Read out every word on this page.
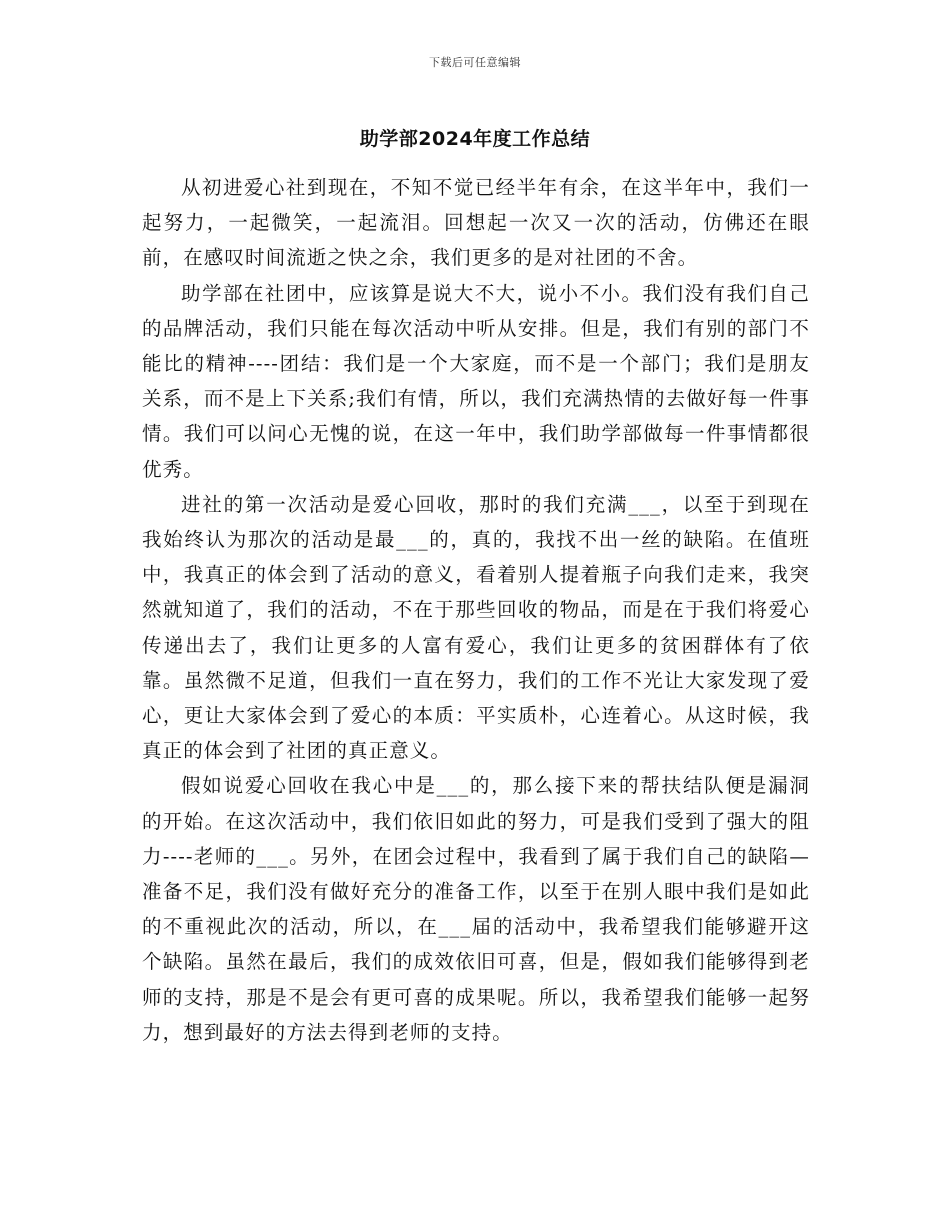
下载后可任意编辑
助学部2024年度工作总结

从初进爱心社到现在，不知不觉已经半年有余，在这半年中，我们一起努力，一起微笑，一起流泪。回想起一次又一次的活动，仿佛还在眼前，在感叹时间流逝之快之余，我们更多的是对社团的不舍。

助学部在社团中，应该算是说大不大，说小不小。我们没有我们自己的品牌活动，我们只能在每次活动中听从安排。但是，我们有别的部门不能比的精神----团结：我们是一个大家庭，而不是一个部门；我们是朋友关系，而不是上下关系;我们有情，所以，我们充满热情的去做好每一件事情。我们可以问心无愧的说，在这一年中，我们助学部做每一件事情都很优秀。

进社的第一次活动是爱心回收，那时的我们充满___，以至于到现在我始终认为那次的活动是最___的，真的，我找不出一丝的缺陷。在值班中，我真正的体会到了活动的意义，看着别人提着瓶子向我们走来，我突然就知道了，我们的活动，不在于那些回收的物品，而是在于我们将爱心传递出去了，我们让更多的人富有爱心，我们让更多的贫困群体有了依靠。虽然微不足道，但我们一直在努力，我们的工作不光让大家发现了爱心，更让大家体会到了爱心的本质：平实质朴，心连着心。从这时候，我真正的体会到了社团的真正意义。

假如说爱心回收在我心中是___的，那么接下来的帮扶结队便是漏洞的开始。在这次活动中，我们依旧如此的努力，可是我们受到了强大的阻力----老师的___。另外，在团会过程中，我看到了属于我们自己的缺陷—准备不足，我们没有做好充分的准备工作，以至于在别人眼中我们是如此的不重视此次的活动，所以，在___届的活动中，我希望我们能够避开这个缺陷。虽然在最后，我们的成效依旧可喜，但是，假如我们能够得到老师的支持，那是不是会有更可喜的成果呢。所以，我希望我们能够一起努力，想到最好的方法去得到老师的支持。
